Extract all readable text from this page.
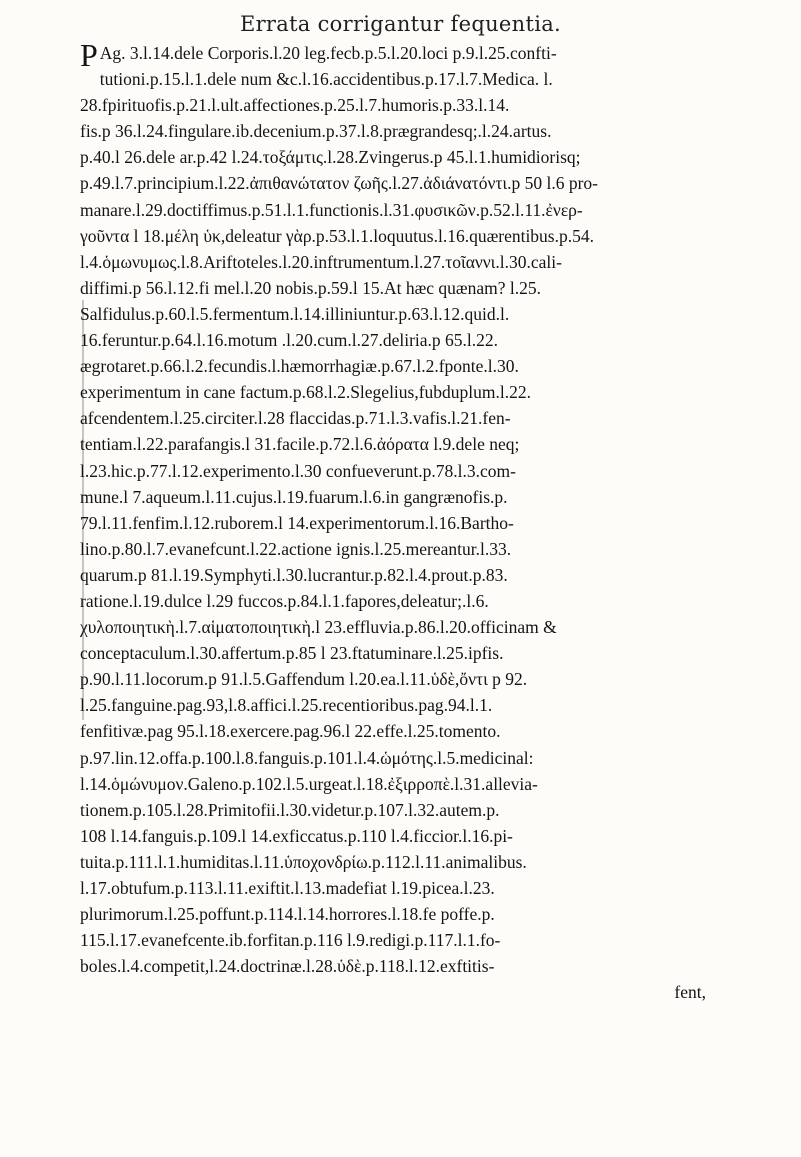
Errata corrigantur fequentia.
P Ag. 3.l.14.dele Corporis.l.20 leg.fecb.p.5.l.20.loci p.9.l.25.confti-
tutioni.p.15.l.1.dele num &c.l.16.accidentibus.p.17.l.7.Medica. l.
28.fpirituofis.p.21.l.ult.affectiones.p.25.l.7.humoris.p.33.l.14.
fis.p 36.l.24.fingulare.ib.decenium.p.37.l.8.prægrandesq;.l.24.artus.
p.40.l 26.dele ar.p.42 l.24.τοξάμτις.l.28.Zvingerus.p 45.l.1.humidiorisq;
p.49.l.7.principium.l.22.ἀπιθανώτατον ζωῆς.l.27.ἀδιάνατόντι.p 50 l.6 pro-
manare.l.29.doctiffimus.p.51.l.1.functionis.l.31.φυσικῶν.p.52.l.11.ἐνερ-
γοῦντα l 18.μέλη ὑκ,deleatur γὰρ.p.53.l.1.loquutus.l.16.quærentibus.p.54.
l.4.ὁμωνυμως.l.8.Ariftoteles.l.20.inftrumentum.l.27.τοῖαννι.l.30.cali-
diffimi.p 56.l.12.fi mel.l.20 nobis.p.59.l 15.At hæc quænam? l.25.
Salfidulus.p.60.l.5.fermentum.l.14.illiniuntur.p.63.l.12.quid.l.
16.feruntur.p.64.l.16.motum .l.20.cum.l.27.deliria.p 65.l.22.
ægrotaret.p.66.l.2.fecundis.l.hæmorrhagiæ.p.67.l.2.fponte.l.30.
experimentum in cane factum.p.68.l.2.Slegelius,fubduplum.l.22.
afcendentem.l.25.circiter.l.28 flaccidas.p.71.l.3.vafis.l.21.fen-
tentiam.l.22.parafangis.l 31.facile.p.72.l.6.ἀόρατα l.9.dele neq;
l.23.hic.p.77.l.12.experimento.l.30 confueverunt.p.78.l.3.com-
mune.l 7.aqueum.l.11.cujus.l.19.fuarum.l.6.in gangrænofis.p.
79.l.11.fenfim.l.12.ruborem.l 14.experimentorum.l.16.Bartho-
lino.p.80.l.7.evanefcunt.l.22.actione ignis.l.25.mereantur.l.33.
quarum.p 81.l.19.Symphyti.l.30.lucrantur.p.82.l.4.prout.p.83.
ratione.l.19.dulce l.29 fuccos.p.84.l.1.fapores,deleatur;.l.6.
χυλοποιητικὴ.l.7.αἱματοποιητικὴ.l 23.effluvia.p.86.l.20.officinam &
conceptaculum.l.30.affertum.p.85 l 23.ftatuminare.l.25.ipfis.
p.90.l.11.locorum.p 91.l.5.Gaffendum l.20.ea.l.11.ὑδὲ,ὄντι p 92.
l.25.fanguine.pag.93,l.8.affici.l.25.recentioribus.pag.94.l.1.
fenfitivæ.pag 95.l.18.exercere.pag.96.l 22.effe.l.25.tomento.
p.97.lin.12.offa.p.100.l.8.fanguis.p.101.l.4.ὡμότης.l.5.medicinal:
l.14.ὁμώνυμον.Galeno.p.102.l.5.urgeat.l.18.ἐξιρροπὲ.l.31.allevia-
tionem.p.105.l.28.Primitofii.l.30.videtur.p.107.l.32.autem.p.
108 l.14.fanguis.p.109.l 14.exficcatus.p.110 l.4.ficcior.l.16.pi-
tuita.p.111.l.1.humiditas.l.11.ὑποχονδρίω.p.112.l.11.animalibus.
l.17.obtufum.p.113.l.11.exiftit.l.13.madefiat l.19.picea.l.23.
plurimorum.l.25.poffunt.p.114.l.14.horrores.l.18.fe poffe.p.
115.l.17.evanefcente.ib.forfitan.p.116 l.9.redigi.p.117.l.1.fo-
boles.l.4.competit,l.24.doctrinæ.l.28.ὑδὲ.p.118.l.12.exftitis-
fent,
